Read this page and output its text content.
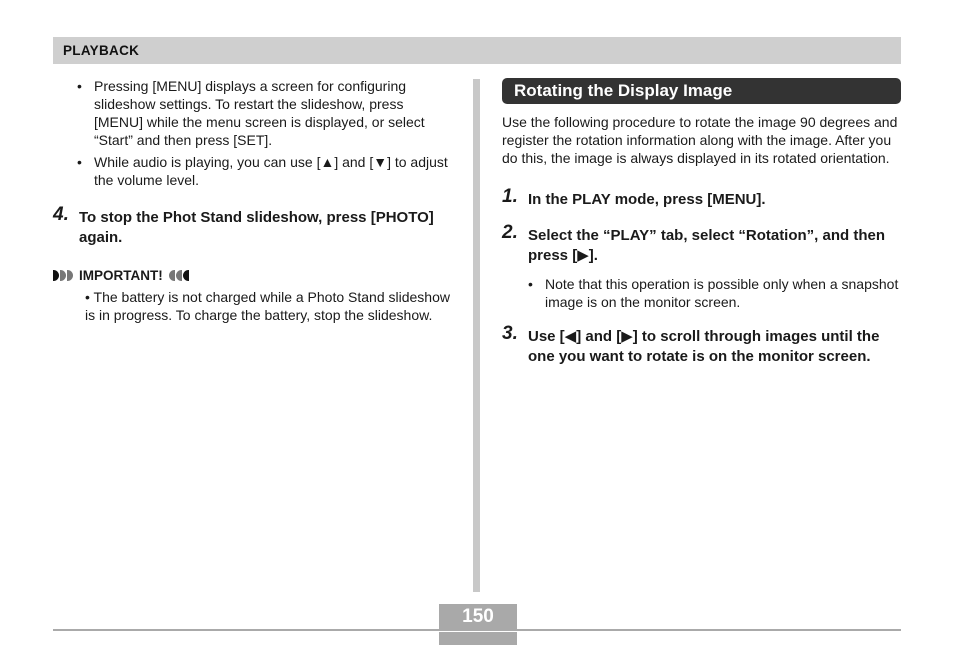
PLAYBACK
• Pressing [MENU] displays a screen for configuring slideshow settings. To restart the slideshow, press [MENU] while the menu screen is displayed, or select “Start” and then press [SET].
• While audio is playing, you can use [▲] and [▼] to adjust the volume level.
4. To stop the Phot Stand slideshow, press [PHOTO] again.
IMPORTANT!
• The battery is not charged while a Photo Stand slideshow is in progress. To charge the battery, stop the slideshow.
Rotating the Display Image
Use the following procedure to rotate the image 90 degrees and register the rotation information along with the image. After you do this, the image is always displayed in its rotated orientation.
1. In the PLAY mode, press [MENU].
2. Select the “PLAY” tab, select “Rotation”, and then press [▶].
• Note that this operation is possible only when a snapshot image is on the monitor screen.
3. Use [◀] and [▶] to scroll through images until the one you want to rotate is on the monitor screen.
150
